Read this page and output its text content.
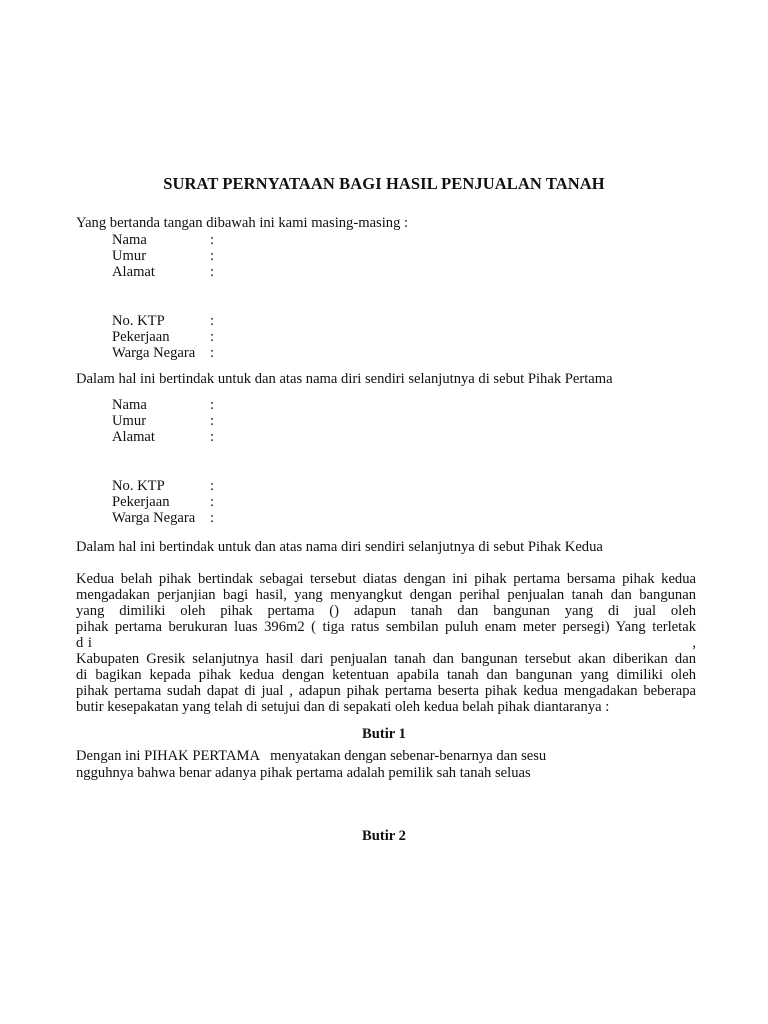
SURAT PERNYATAAN BAGI HASIL PENJUALAN TANAH
Yang bertanda tangan dibawah ini kami masing-masing :
Nama	:
Umur	:
Alamat	:
No. KTP	:
Pekerjaan	:
Warga Negara :
Dalam hal ini bertindak untuk dan atas nama diri sendiri selanjutnya di sebut Pihak Pertama
Nama	:
Umur	:
Alamat	:
No. KTP	:
Pekerjaan	:
Warga Negara :
Dalam hal ini bertindak untuk dan atas nama diri sendiri selanjutnya di sebut Pihak Kedua
Kedua belah pihak bertindak sebagai tersebut diatas dengan ini pihak pertama bersama pihak kedua
mengadakan perjanjian bagi hasil, yang menyangkut dengan perihal penjualan tanah dan bangunan
yang dimiliki oleh pihak pertama () adapun tanah dan bangunan yang di jual oleh
pihak pertama berukuran luas 396m2 ( tiga ratus sembilan puluh enam meter persegi) Yang terletak
d i                                                                                                                                    ,
Kabupaten Gresik selanjutnya hasil dari penjualan tanah dan bangunan tersebut akan diberikan dan
di bagikan kepada pihak kedua dengan ketentuan apabila tanah dan bangunan yang dimiliki oleh
pihak pertama sudah dapat di jual , adapun pihak pertama beserta pihak kedua mengadakan beberapa
butir kesepakatan yang telah di setujui dan di sepakati oleh kedua belah pihak diantaranya :
Butir 1
Dengan ini PIHAK PERTAMA   menyatakan dengan sebenar-benarnya dan sesu
ngguhnya bahwa benar adanya pihak pertama adalah pemilik sah tanah seluas
Butir 2
